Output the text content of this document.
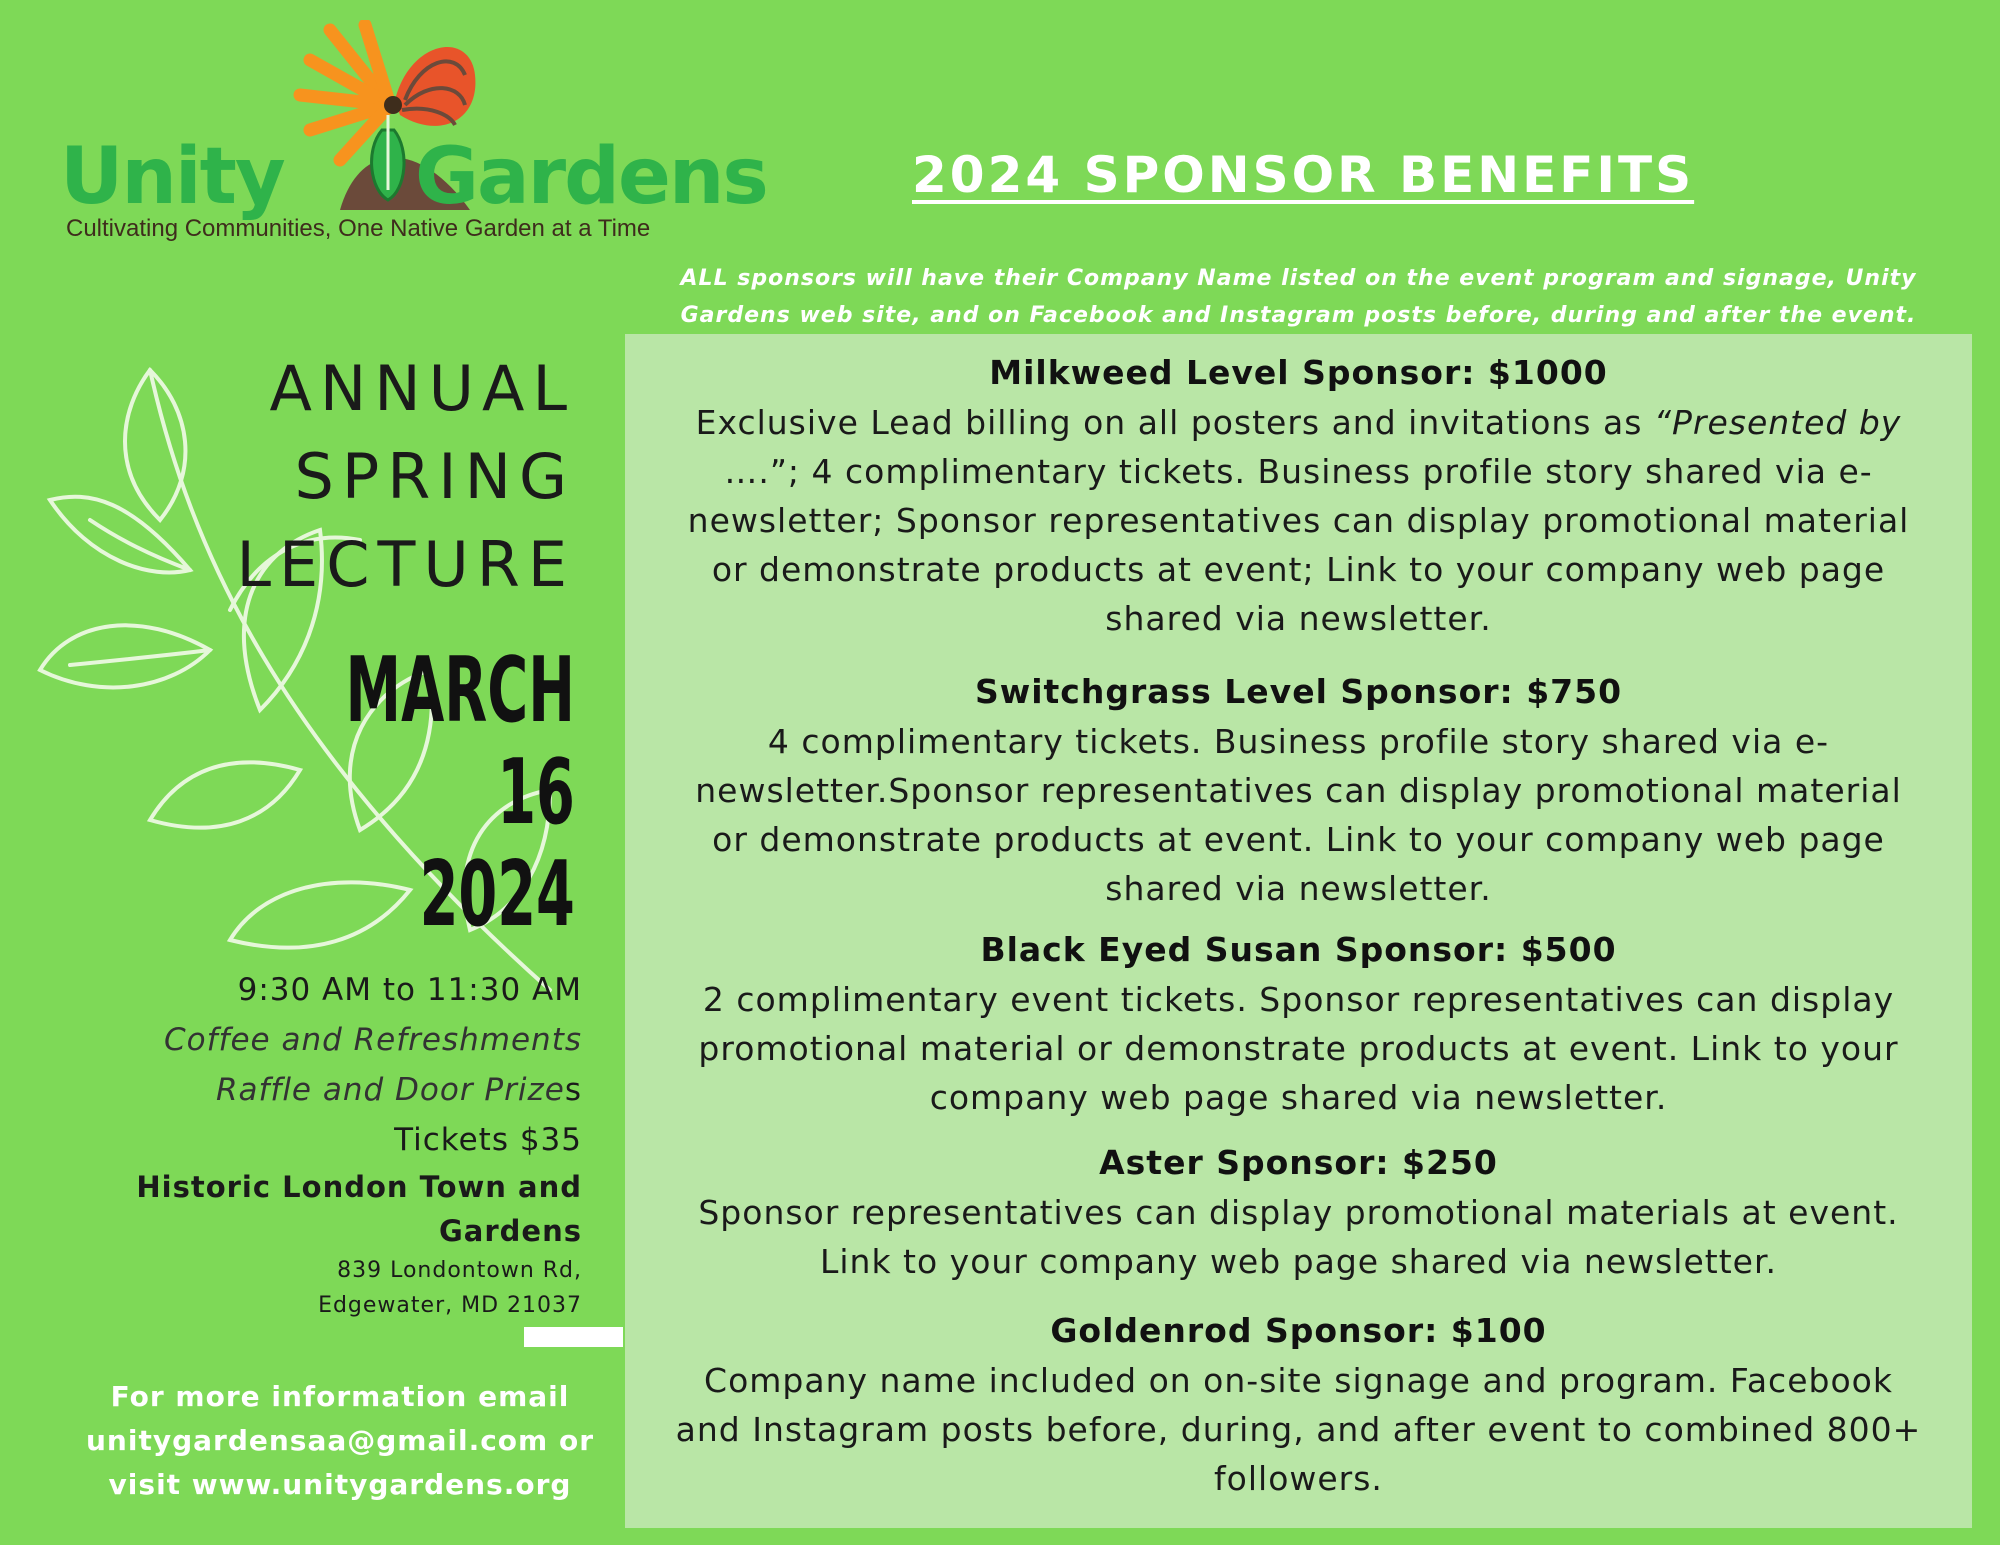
Unity Gardens
Cultivating Communities, One Native Garden at a Time
2024 SPONSOR BENEFITS
ANNUAL
SPRING
LECTURE
MARCH
16
2024
9:30 AM to 11:30 AM
Coffee and Refreshments
Raffle and Door Prizes
Tickets $35
Historic London Town and
Gardens
839 Londontown Rd,
Edgewater, MD 21037
For more information email
unitygardensaa@gmail.com or
visit www.unitygardens.org
ALL sponsors will have their Company Name listed on the event program and signage, Unity
Gardens web site, and on Facebook and Instagram posts before, during and after the event.
Milkweed Level Sponsor: $1000
Exclusive Lead billing on all posters and invitations as “Presented by
….”; 4 complimentary tickets. Business profile story shared via e-
newsletter; Sponsor representatives can display promotional material
or demonstrate products at event; Link to your company web page
shared via newsletter.
Switchgrass Level Sponsor: $750
4 complimentary tickets. Business profile story shared via e-
newsletter.Sponsor representatives can display promotional material
or demonstrate products at event. Link to your company web page
shared via newsletter.
Black Eyed Susan Sponsor: $500
2 complimentary event tickets. Sponsor representatives can display
promotional material or demonstrate products at event. Link to your
company web page shared via newsletter.
Aster Sponsor: $250
Sponsor representatives can display promotional materials at event.
Link to your company web page shared via newsletter.
Goldenrod Sponsor: $100
Company name included on on-site signage and program. Facebook
and Instagram posts before, during, and after event to combined 800+
followers.
